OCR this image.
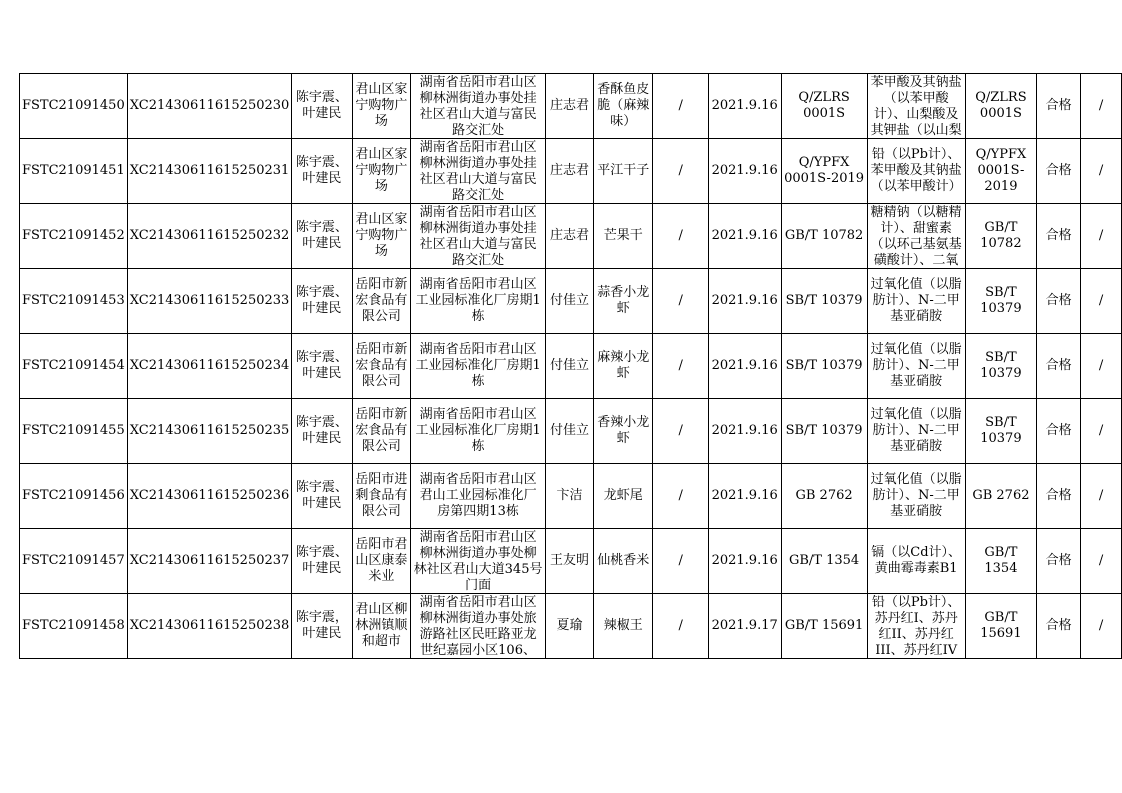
FSTC21091450	XC21430611615250230	陈宇震、叶建民	君山区家宁购物广场	湖南省岳阳市君山区柳林洲街道办事处挂社区君山大道与富民路交汇处	庄志君	香酥鱼皮脆（麻辣味）	/	2021.9.16	Q/ZLRS 0001S	苯甲酸及其钠盐（以苯甲酸计）、山梨酸及其钾盐（以山梨	Q/ZLRS 0001S	合格	/

FSTC21091451	XC21430611615250231	陈宇震、叶建民	君山区家宁购物广场	湖南省岳阳市君山区柳林洲街道办事处挂社区君山大道与富民路交汇处	庄志君	平江干子	/	2021.9.16	Q/YPFX 0001S-2019	铅（以Pb计）、苯甲酸及其钠盐（以苯甲酸计）	Q/YPFX 0001S-2019	合格	/

FSTC21091452	XC21430611615250232	陈宇震、叶建民	君山区家宁购物广场	湖南省岳阳市君山区柳林洲街道办事处挂社区君山大道与富民路交汇处	庄志君	芒果干	/	2021.9.16	GB/T 10782	糖精钠（以糖精计）、甜蜜素（以环己基氨基磺酸计）、二氧	GB/T 10782	合格	/

FSTC21091453	XC21430611615250233	陈宇震、叶建民	岳阳市新宏食品有限公司	湖南省岳阳市君山区工业园标准化厂房期1栋	付佳立	蒜香小龙虾	/	2021.9.16	SB/T 10379	过氧化值（以脂肪计）、N-二甲基亚硝胺	SB/T 10379	合格	/

FSTC21091454	XC21430611615250234	陈宇震、叶建民	岳阳市新宏食品有限公司	湖南省岳阳市君山区工业园标准化厂房期1栋	付佳立	麻辣小龙虾	/	2021.9.16	SB/T 10379	过氧化值（以脂肪计）、N-二甲基亚硝胺	SB/T 10379	合格	/

FSTC21091455	XC21430611615250235	陈宇震、叶建民	岳阳市新宏食品有限公司	湖南省岳阳市君山区工业园标准化厂房期1栋	付佳立	香辣小龙虾	/	2021.9.16	SB/T 10379	过氧化值（以脂肪计）、N-二甲基亚硝胺	SB/T 10379	合格	/

FSTC21091456	XC21430611615250236	陈宇震、叶建民	岳阳市进剩食品有限公司	湖南省岳阳市君山区君山工业园标准化厂房第四期13栋	卞洁	龙虾尾	/	2021.9.16	GB 2762	过氧化值（以脂肪计）、N-二甲基亚硝胺	GB 2762	合格	/

FSTC21091457	XC21430611615250237	陈宇震、叶建民	岳阳市君山区康泰米业	湖南省岳阳市君山区柳林洲街道办事处柳林社区君山大道345号门面	王友明	仙桃香米	/	2021.9.16	GB/T 1354	镉（以Cd计）、黄曲霉毒素B1	GB/T 1354	合格	/

FSTC21091458	XC21430611615250238	陈宇震，叶建民	君山区柳林洲镇顺和超市	湖南省岳阳市君山区柳林洲街道办事处旅游路社区民旺路亚龙世纪嘉园小区106、	夏瑜	辣椒王	/	2021.9.17	GB/T 15691	铅（以Pb计）、苏丹红I、苏丹红II、苏丹红III、苏丹红IV	GB/T 15691	合格	/
